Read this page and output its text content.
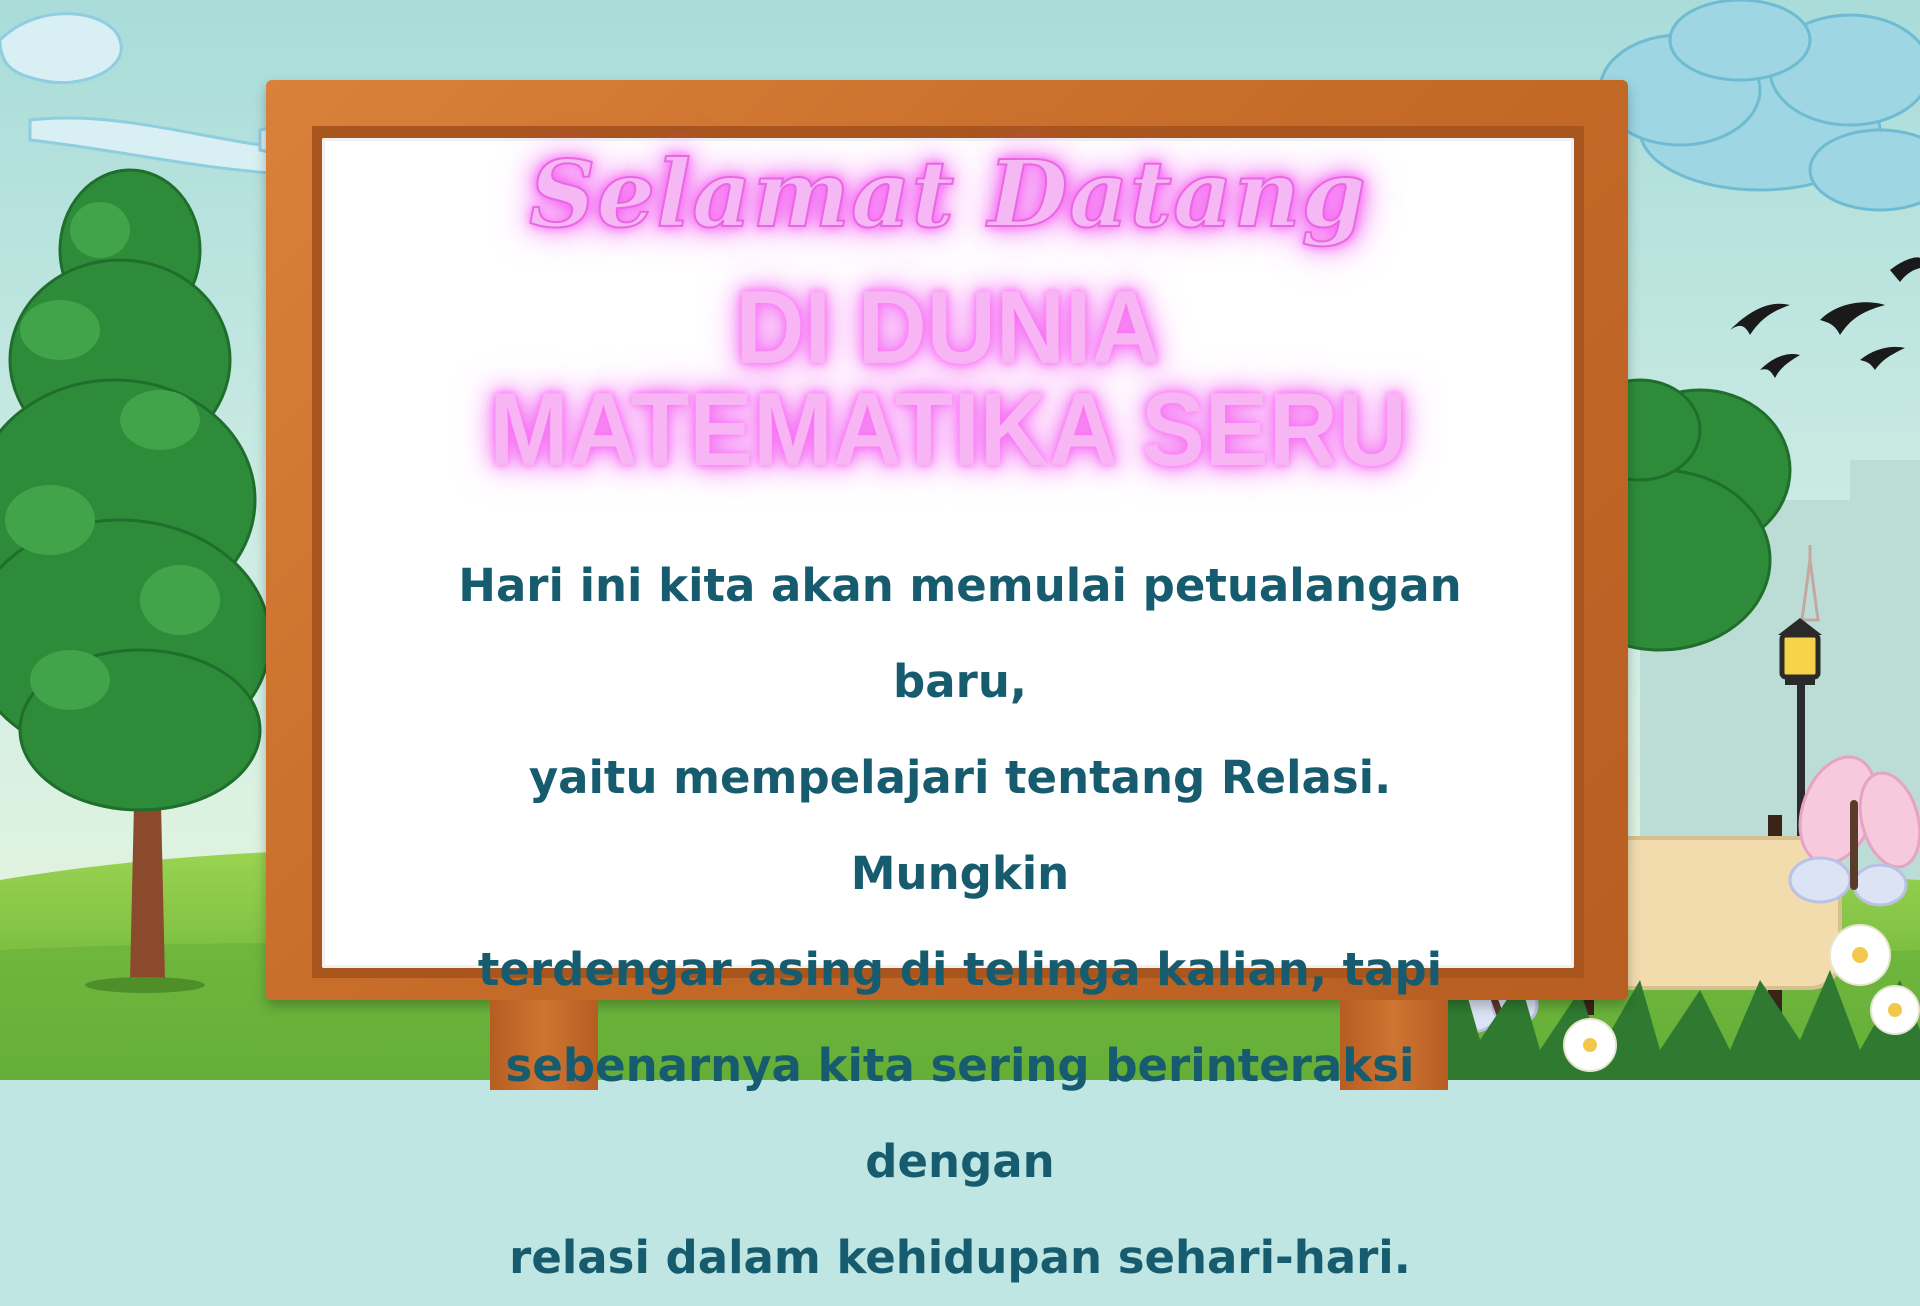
Selamat Datang
DI DUNIA
MATEMATIKA SERU

Hari ini kita akan memulai petualangan baru,

yaitu mempelajari tentang Relasi. Mungkin

terdengar asing di telinga kalian, tapi

sebenarnya kita sering berinteraksi dengan

relasi dalam kehidupan sehari-hari.
